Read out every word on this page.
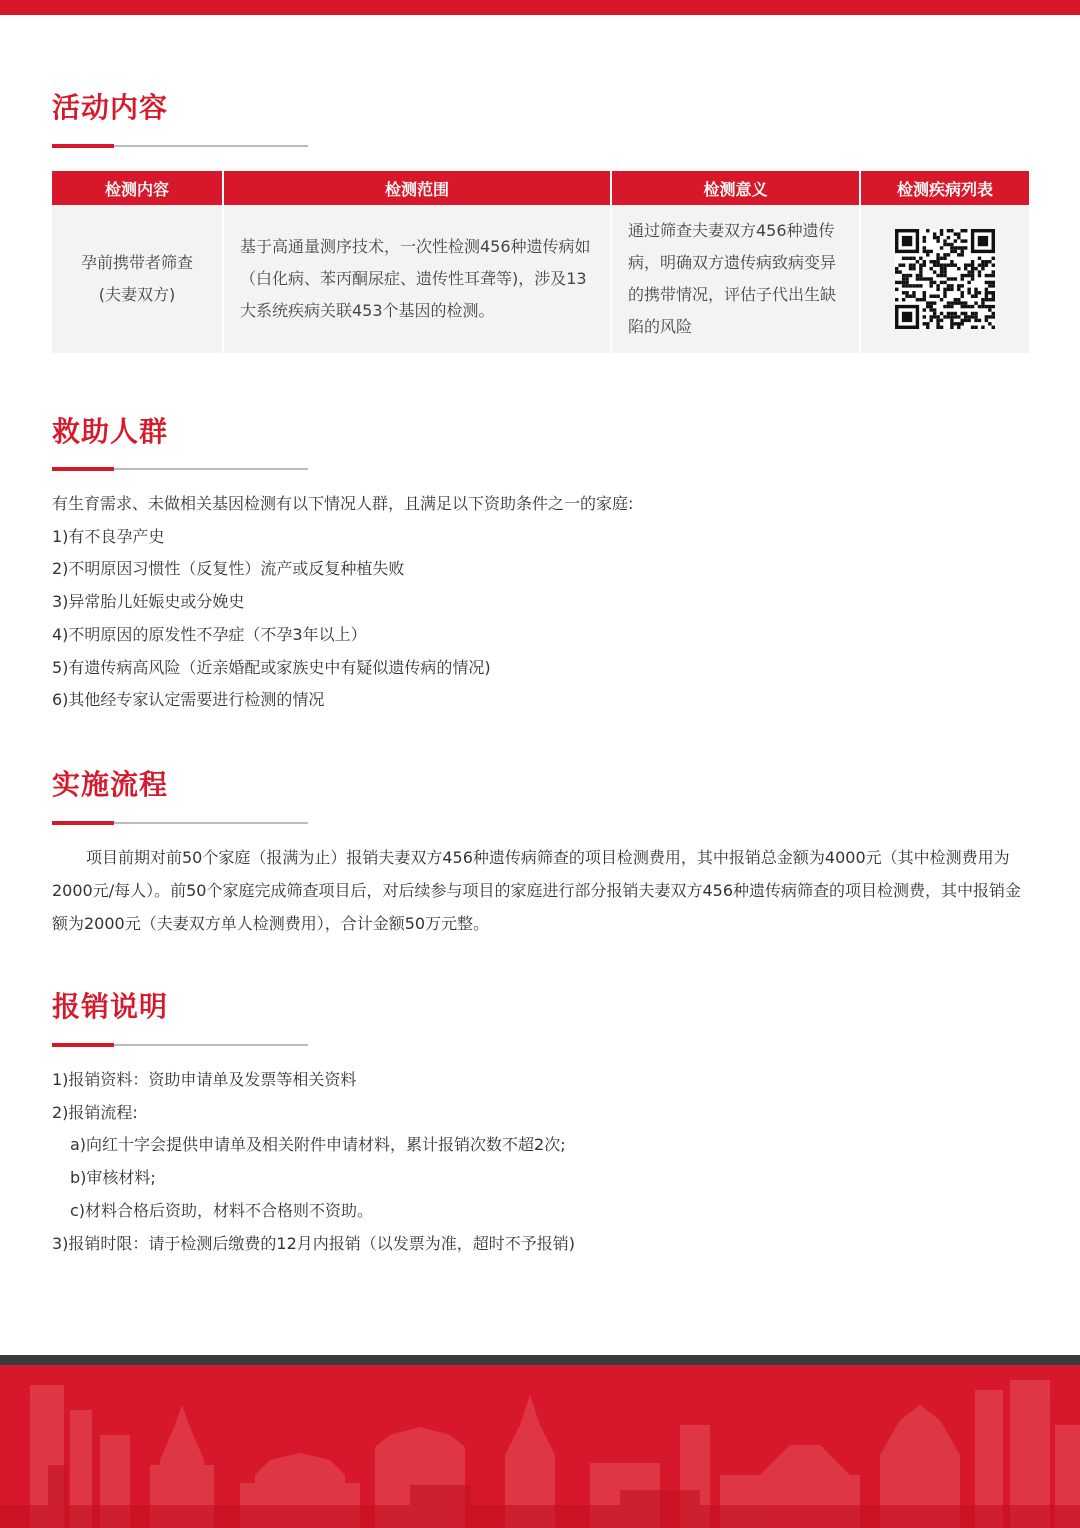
活动内容
检测内容	检测范围	检测意义	检测疾病列表

孕前携带者筛查
(夫妻双方)	基于高通量测序技术，一次性检测456种遗传病如（白化病、苯丙酮尿症、遗传性耳聋等)，涉及13大系统疾病关联453个基因的检测。	通过筛查夫妻双方456种遗传病，明确双方遗传病致病变异的携带情况，评估子代出生缺陷的风险	
救助人群
有生育需求、未做相关基因检测有以下情况人群，且满足以下资助条件之一的家庭:
1)有不良孕产史
2)不明原因习惯性（反复性）流产或反复种植失败
3)异常胎儿妊娠史或分娩史
4)不明原因的原发性不孕症（不孕3年以上）
5)有遗传病高风险（近亲婚配或家族史中有疑似遗传病的情况)
6)其他经专家认定需要进行检测的情况
实施流程
项目前期对前50个家庭（报满为止）报销夫妻双方456种遗传病筛查的项目检测费用，其中报销总金额为4000元（其中检测费用为2000元/每人）。前50个家庭完成筛查项目后，对后续参与项目的家庭进行部分报销夫妻双方456种遗传病筛查的项目检测费，其中报销金额为2000元（夫妻双方单人检测费用），合计金额50万元整。
报销说明
1)报销资料：资助申请单及发票等相关资料
2)报销流程:
a)向红十字会提供申请单及相关附件申请材料，累计报销次数不超2次;
b)审核材料;
c)材料合格后资助，材料不合格则不资助。
3)报销时限：请于检测后缴费的12月内报销（以发票为准，超时不予报销)
